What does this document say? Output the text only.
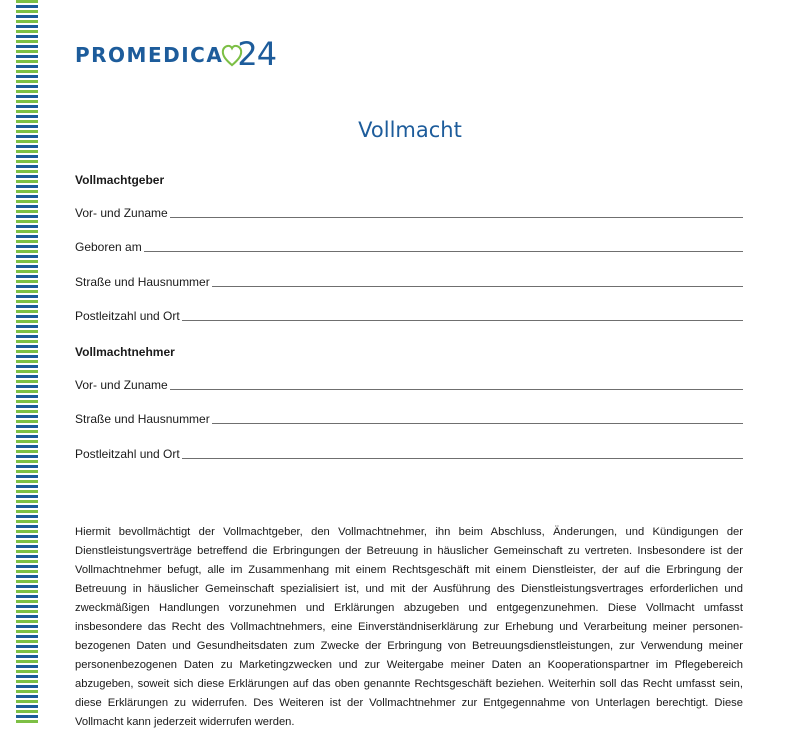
PROMEDICA 24
Vollmacht
Vollmachtgeber
Vor- und Zuname
Geboren am
Straße und Hausnummer
Postleitzahl und Ort
Vollmachtnehmer
Vor- und Zuname
Straße und Hausnummer
Postleitzahl und Ort

Hiermit bevollmächtigt der Vollmachtgeber, den Vollmachtnehmer, ihn beim Abschluss, Änderungen, und Kündigungen der Dienstleistungsverträge betreffend die Erbringungen der Betreuung in häuslicher Gemeinschaft zu vertreten. Insbesondere ist der Vollmachtnehmer befugt, alle im Zusammenhang mit einem Rechtsgeschäft mit einem Dienstleister, der auf die Erbringung der Betreuung in häuslicher Gemeinschaft spezialisiert ist, und mit der Ausführung des Dienstleistungsvertrages erforderlichen und zweckmäßigen Handlungen vorzunehmen und Erklärungen abzugeben und entgegenzunehmen. Diese Vollmacht umfasst insbesondere das Recht des Vollmachtnehmers, eine Einverständniserklärung zur Erhebung und Verarbeitung meiner personen-bezogenen Daten und Gesundheitsdaten zum Zwecke der Erbringung von Betreuungsdienstleistungen, zur Verwendung meiner personenbezogenen Daten zu Marketingzwecken und zur Weitergabe meiner Daten an Kooperationspartner im Pflegebereich abzugeben, soweit sich diese Erklärungen auf das oben genannte Rechtsgeschäft beziehen. Weiterhin soll das Recht umfasst sein, diese Erklärungen zu widerrufen. Des Weiteren ist der Vollmachtnehmer zur Entgegennahme von Unterlagen berechtigt. Diese Vollmacht kann jederzeit widerrufen werden.
